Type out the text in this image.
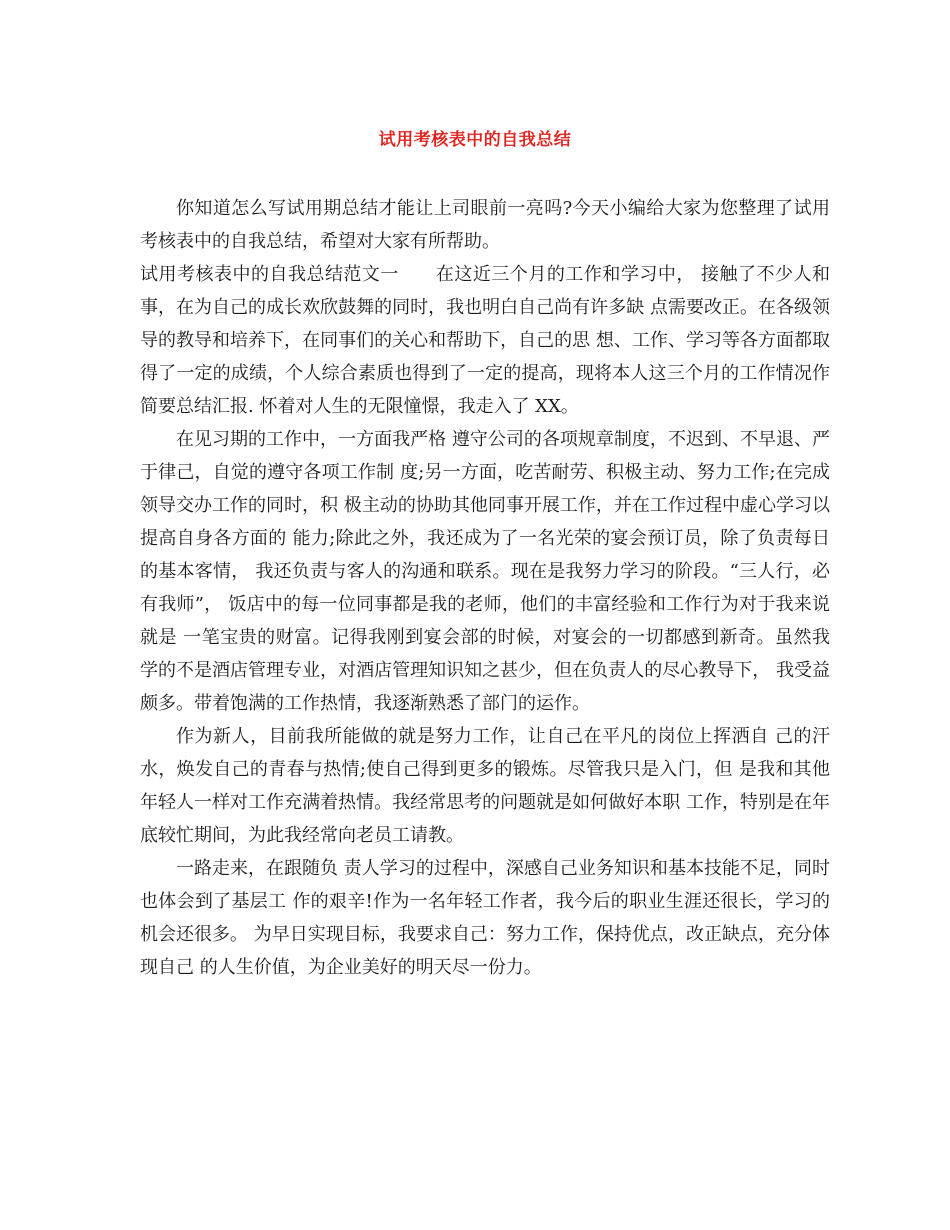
试用考核表中的自我总结

你知道怎么写试用期总结才能让上司眼前一亮吗?今天小编给大家为您整理了试用考核表中的自我总结，希望对大家有所帮助。

试用考核表中的自我总结范文一　　在这近三个月的工作和学习中， 接触了不少人和事，在为自己的成长欢欣鼓舞的同时，我也明白自己尚有许多缺 点需要改正。在各级领导的教导和培养下，在同事们的关心和帮助下，自己的思 想、工作、学习等各方面都取得了一定的成绩，个人综合素质也得到了一定的提高，现将本人这三个月的工作情况作简要总结汇报. 怀着对人生的无限憧憬，我走入了 XX。

在见习期的工作中，一方面我严格 遵守公司的各项规章制度，不迟到、不早退、严于律己，自觉的遵守各项工作制 度;另一方面，吃苦耐劳、积极主动、努力工作;在完成领导交办工作的同时，积 极主动的协助其他同事开展工作，并在工作过程中虚心学习以提高自身各方面的 能力;除此之外，我还成为了一名光荣的宴会预订员，除了负责每日的基本客情， 我还负责与客人的沟通和联系。现在是我努力学习的阶段。“三人行，必有我师”， 饭店中的每一位同事都是我的老师，他们的丰富经验和工作行为对于我来说就是 一笔宝贵的财富。记得我刚到宴会部的时候，对宴会的一切都感到新奇。虽然我 学的不是酒店管理专业，对酒店管理知识知之甚少，但在负责人的尽心教导下， 我受益颇多。带着饱满的工作热情，我逐渐熟悉了部门的运作。

作为新人，目前我所能做的就是努力工作，让自己在平凡的岗位上挥洒自 己的汗水，焕发自己的青春与热情;使自己得到更多的锻炼。尽管我只是入门，但 是我和其他年轻人一样对工作充满着热情。我经常思考的问题就是如何做好本职 工作，特别是在年底较忙期间，为此我经常向老员工请教。

一路走来，在跟随负 责人学习的过程中，深感自己业务知识和基本技能不足，同时也体会到了基层工 作的艰辛!作为一名年轻工作者，我今后的职业生涯还很长，学习的机会还很多。 为早日实现目标，我要求自己：努力工作，保持优点，改正缺点，充分体现自己 的人生价值，为企业美好的明天尽一份力。
